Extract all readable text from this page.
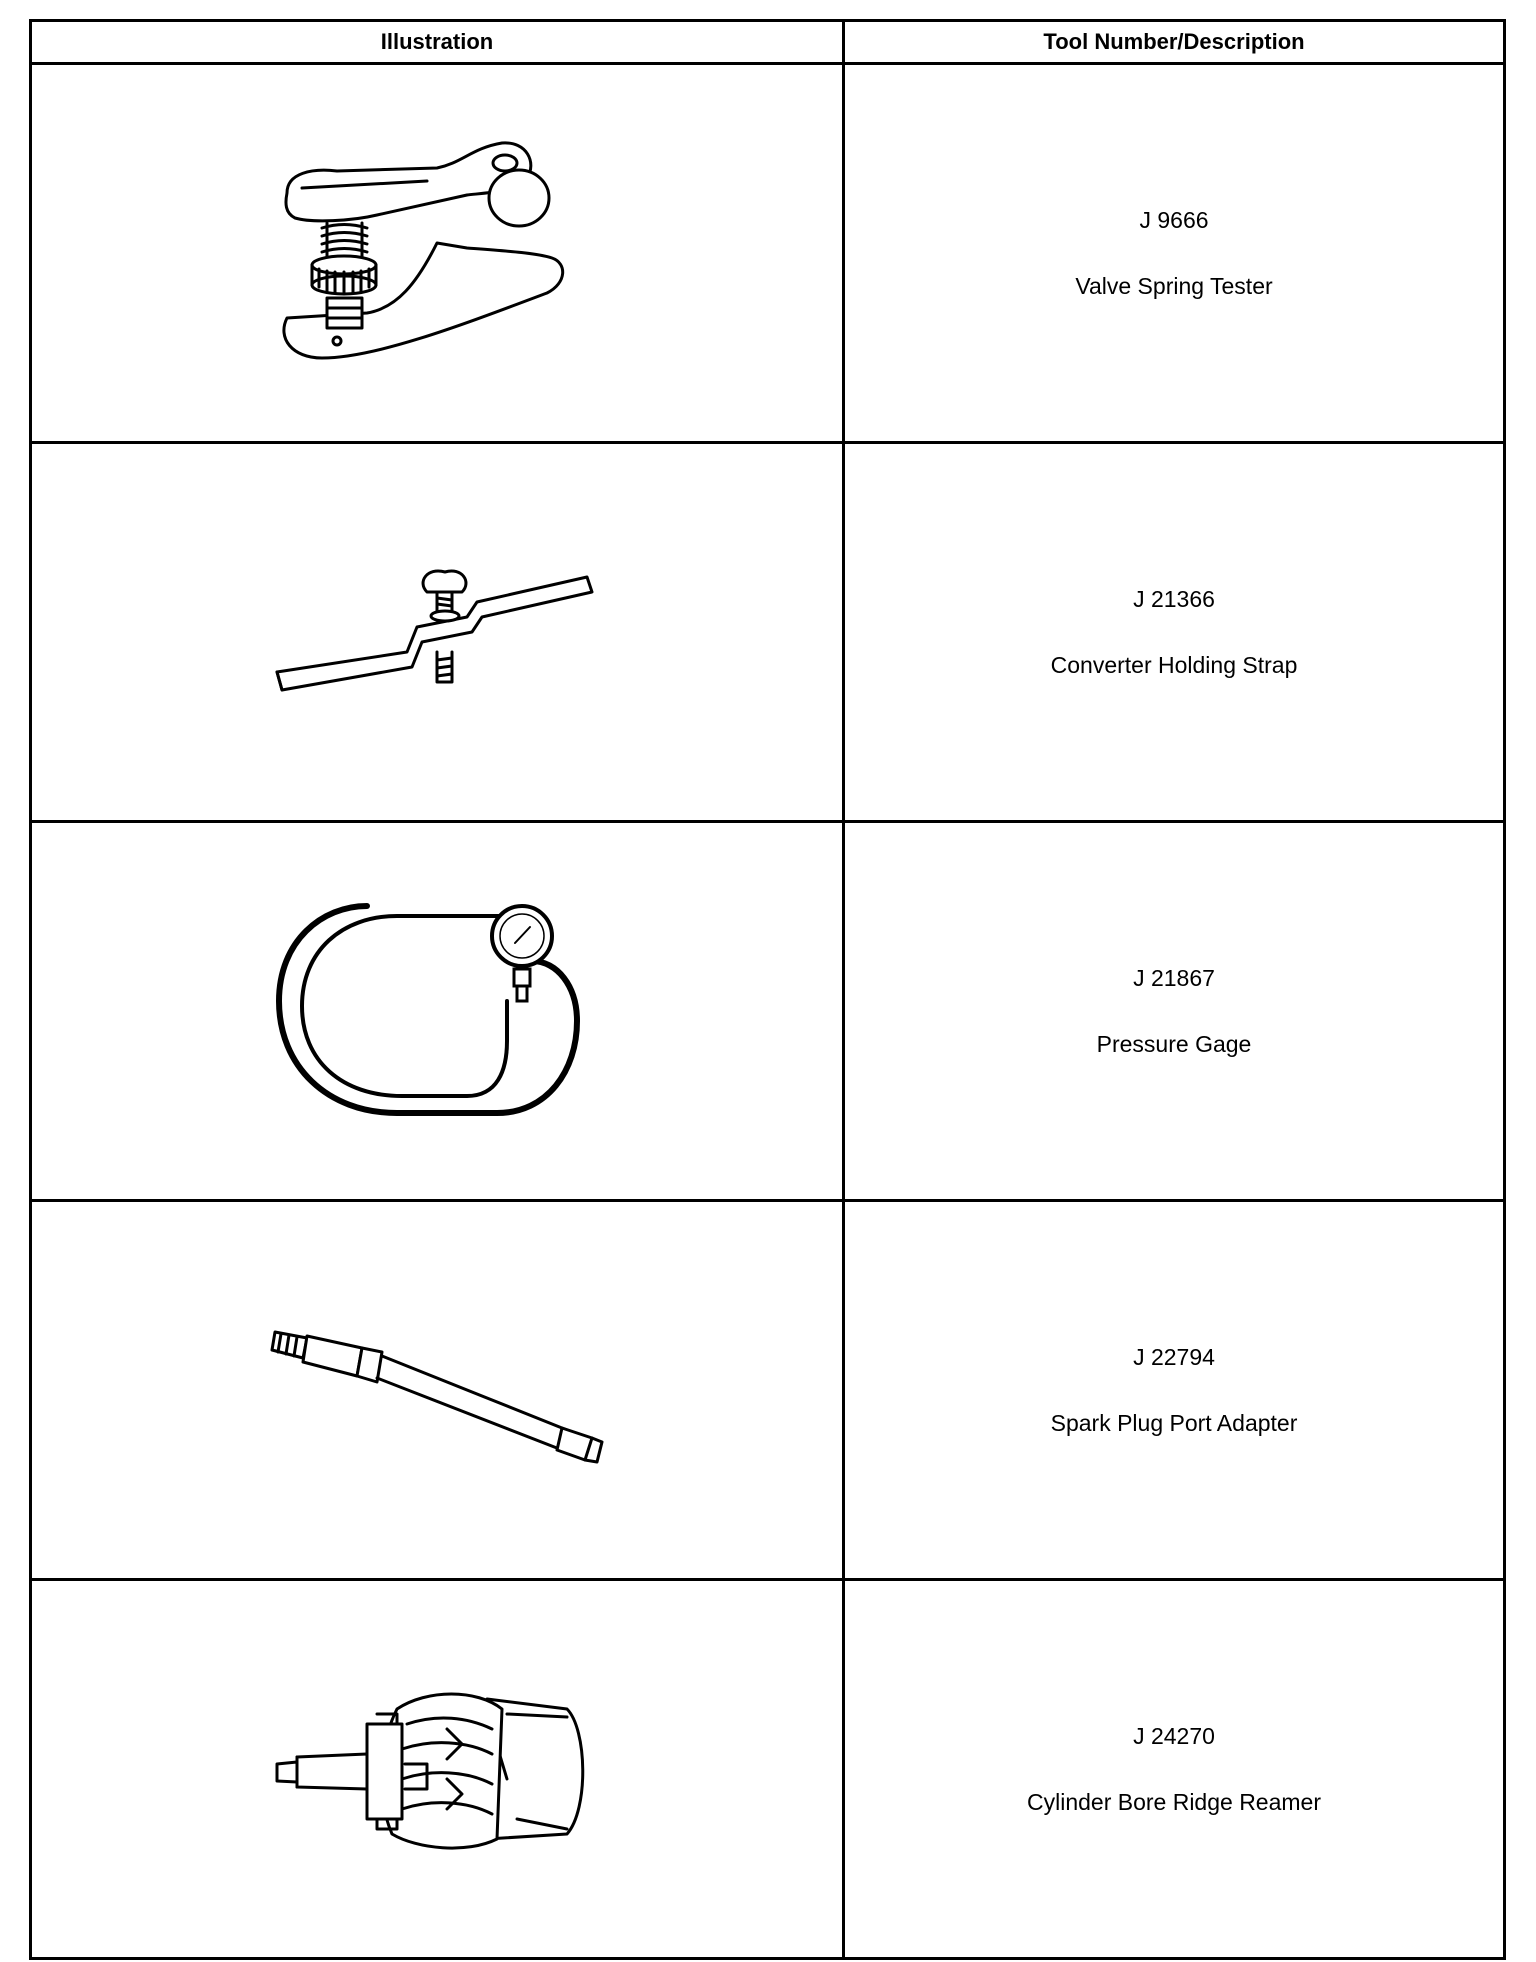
Illustration	Tool Number/Description

J 9666
Valve Spring Tester

J 21366
Converter Holding Strap

J 21867
Pressure Gage

J 22794
Spark Plug Port Adapter

J 24270
Cylinder Bore Ridge Reamer
